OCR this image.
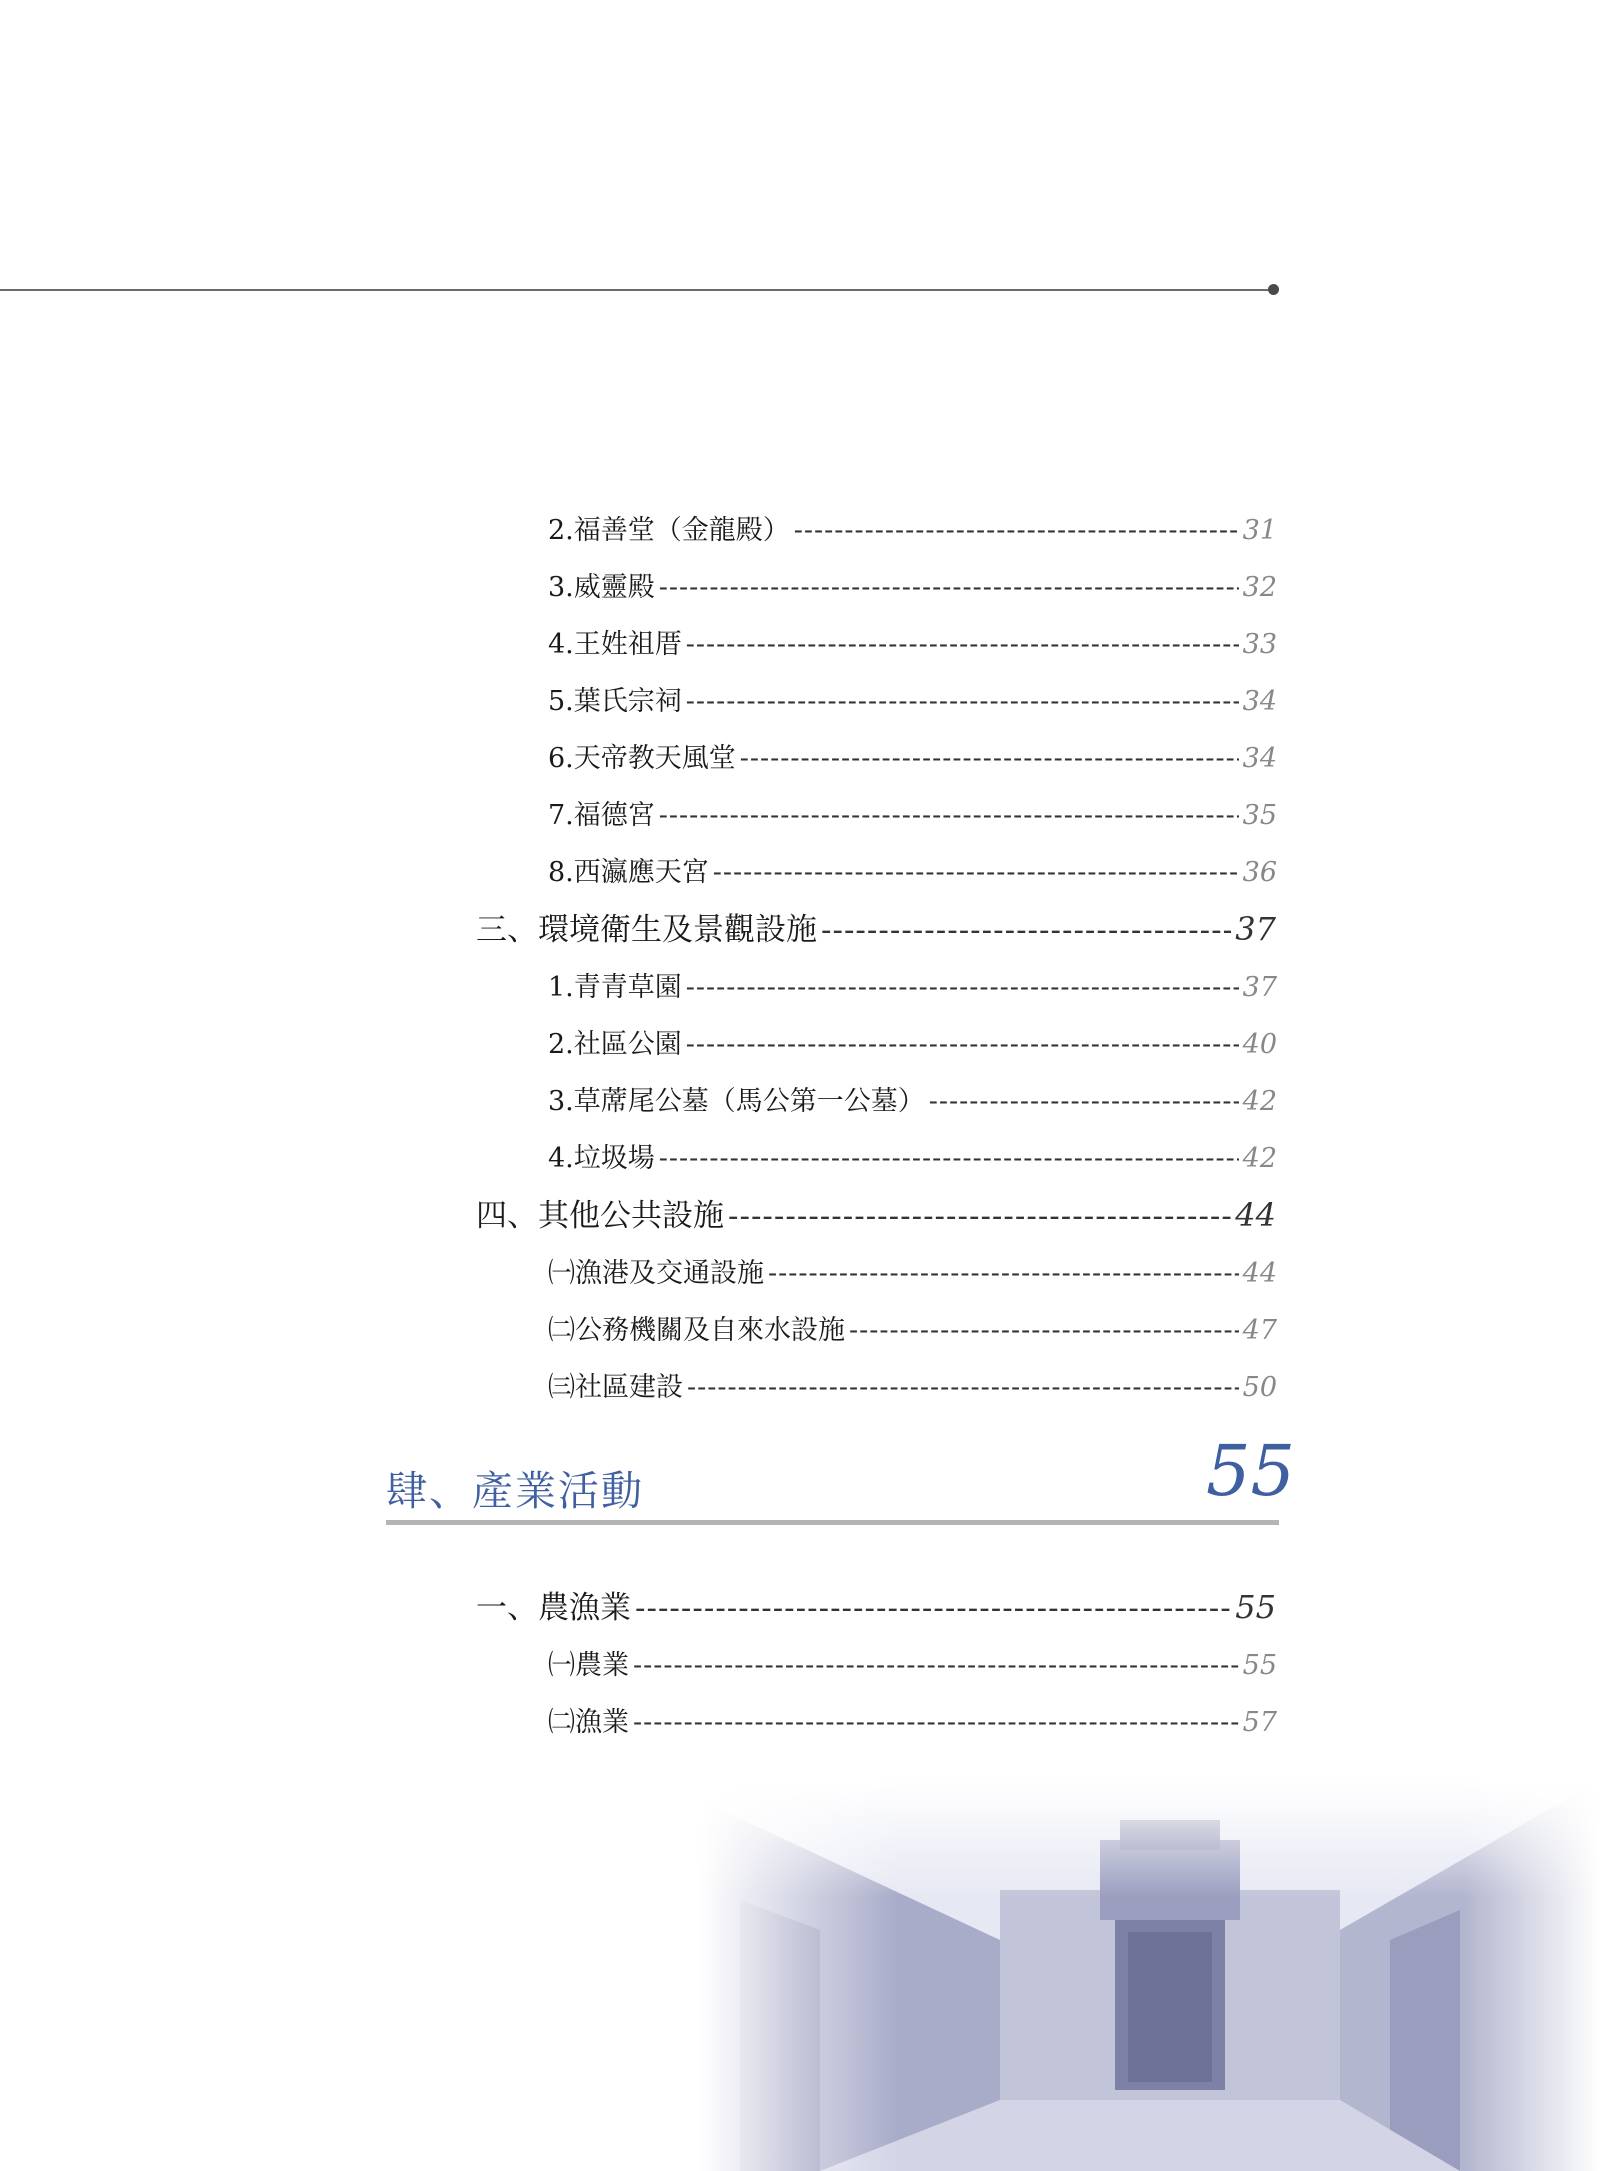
2.福善堂（金龍殿） -----	31
3.威靈殿 -----	32
4.王姓祖厝 -----	33
5.葉氏宗祠 -----	34
6.天帝教天風堂 -----	34
7.福德宮 -----	35
8.西瀛應天宮 -----	36
三、環境衛生及景觀設施 -----	37
1.青青草園 -----	37
2.社區公園 -----	40
3.草蓆尾公墓（馬公第一公墓） -----	42
4.垃圾場 -----	42
四、其他公共設施 -----	44
㈠漁港及交通設施 -----	44
㈡公務機關及自來水設施 -----	47
㈢社區建設 -----	50
肆、產業活動	55
一、農漁業 -----	55
㈠農業 -----	55
㈡漁業 -----	57
